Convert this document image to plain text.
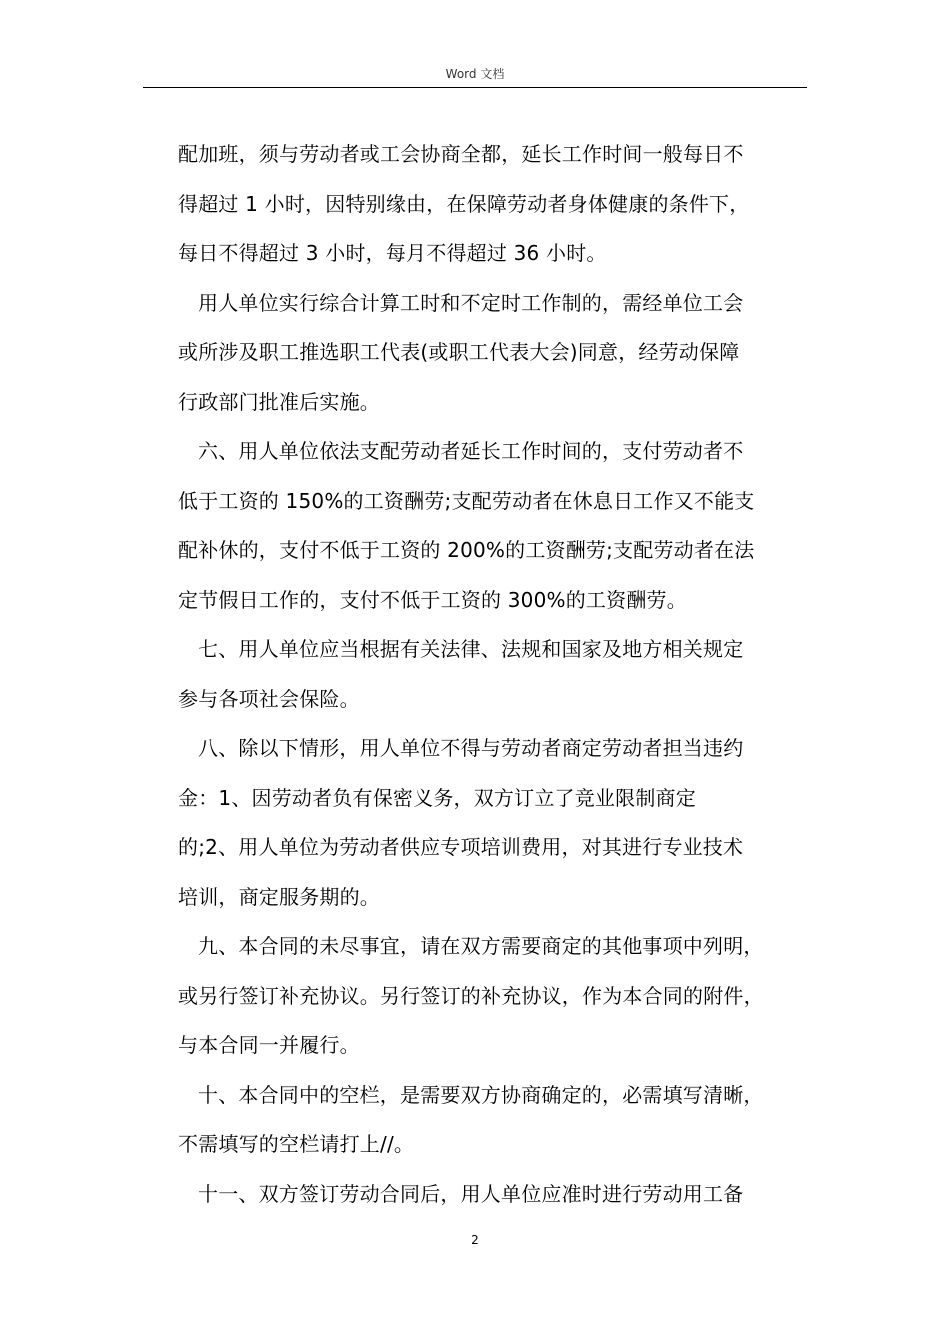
Word 文档
配加班，须与劳动者或工会协商全都，延长工作时间一般每日不
得超过 1 小时，因特别缘由，在保障劳动者身体健康的条件下，
每日不得超过 3 小时，每月不得超过 36 小时。
用人单位实行综合计算工时和不定时工作制的，需经单位工会
或所涉及职工推选职工代表(或职工代表大会)同意，经劳动保障
行政部门批准后实施。
六、用人单位依法支配劳动者延长工作时间的，支付劳动者不
低于工资的 150%的工资酬劳;支配劳动者在休息日工作又不能支
配补休的，支付不低于工资的 200%的工资酬劳;支配劳动者在法
定节假日工作的，支付不低于工资的 300%的工资酬劳。
七、用人单位应当根据有关法律、法规和国家及地方相关规定
参与各项社会保险。
八、除以下情形，用人单位不得与劳动者商定劳动者担当违约
金：1、因劳动者负有保密义务，双方订立了竞业限制商定
的;2、用人单位为劳动者供应专项培训费用，对其进行专业技术
培训，商定服务期的。
九、本合同的未尽事宜，请在双方需要商定的其他事项中列明，
或另行签订补充协议。另行签订的补充协议，作为本合同的附件，
与本合同一并履行。
十、本合同中的空栏，是需要双方协商确定的，必需填写清晰，
不需填写的空栏请打上//。
十一、双方签订劳动合同后，用人单位应准时进行劳动用工备
2
